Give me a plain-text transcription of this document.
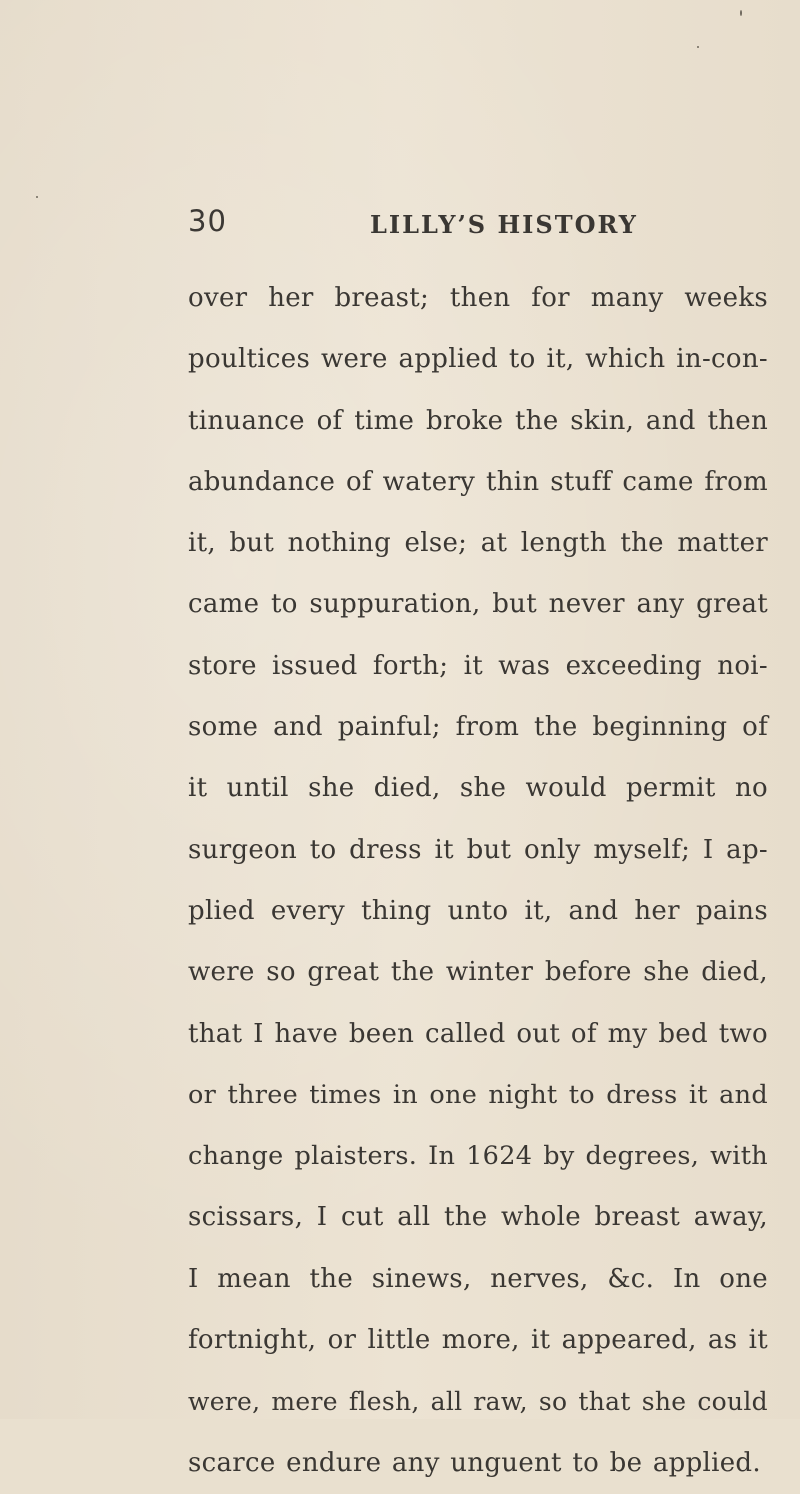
30	LILLY’S HISTORY
over her breast; then for many weeks
poultices were applied to it, which in-con-
tinuance of time broke the skin, and then
abundance of watery thin stuff came from
it, but nothing else; at length the matter
came to suppuration, but never any great
store issued forth; it was exceeding noi-
some and painful; from the beginning of
it until she died, she would permit no
surgeon to dress it but only myself; I ap-
plied every thing unto it, and her pains
were so great the winter before she died,
that I have been called out of my bed two
or three times in one night to dress it and
change plaisters. In 1624 by degrees, with
scissars, I cut all the whole breast away,
I mean the sinews, nerves, &c. In one
fortnight, or little more, it appeared, as it
were, mere flesh, all raw, so that she could
scarce endure any unguent to be applied.
